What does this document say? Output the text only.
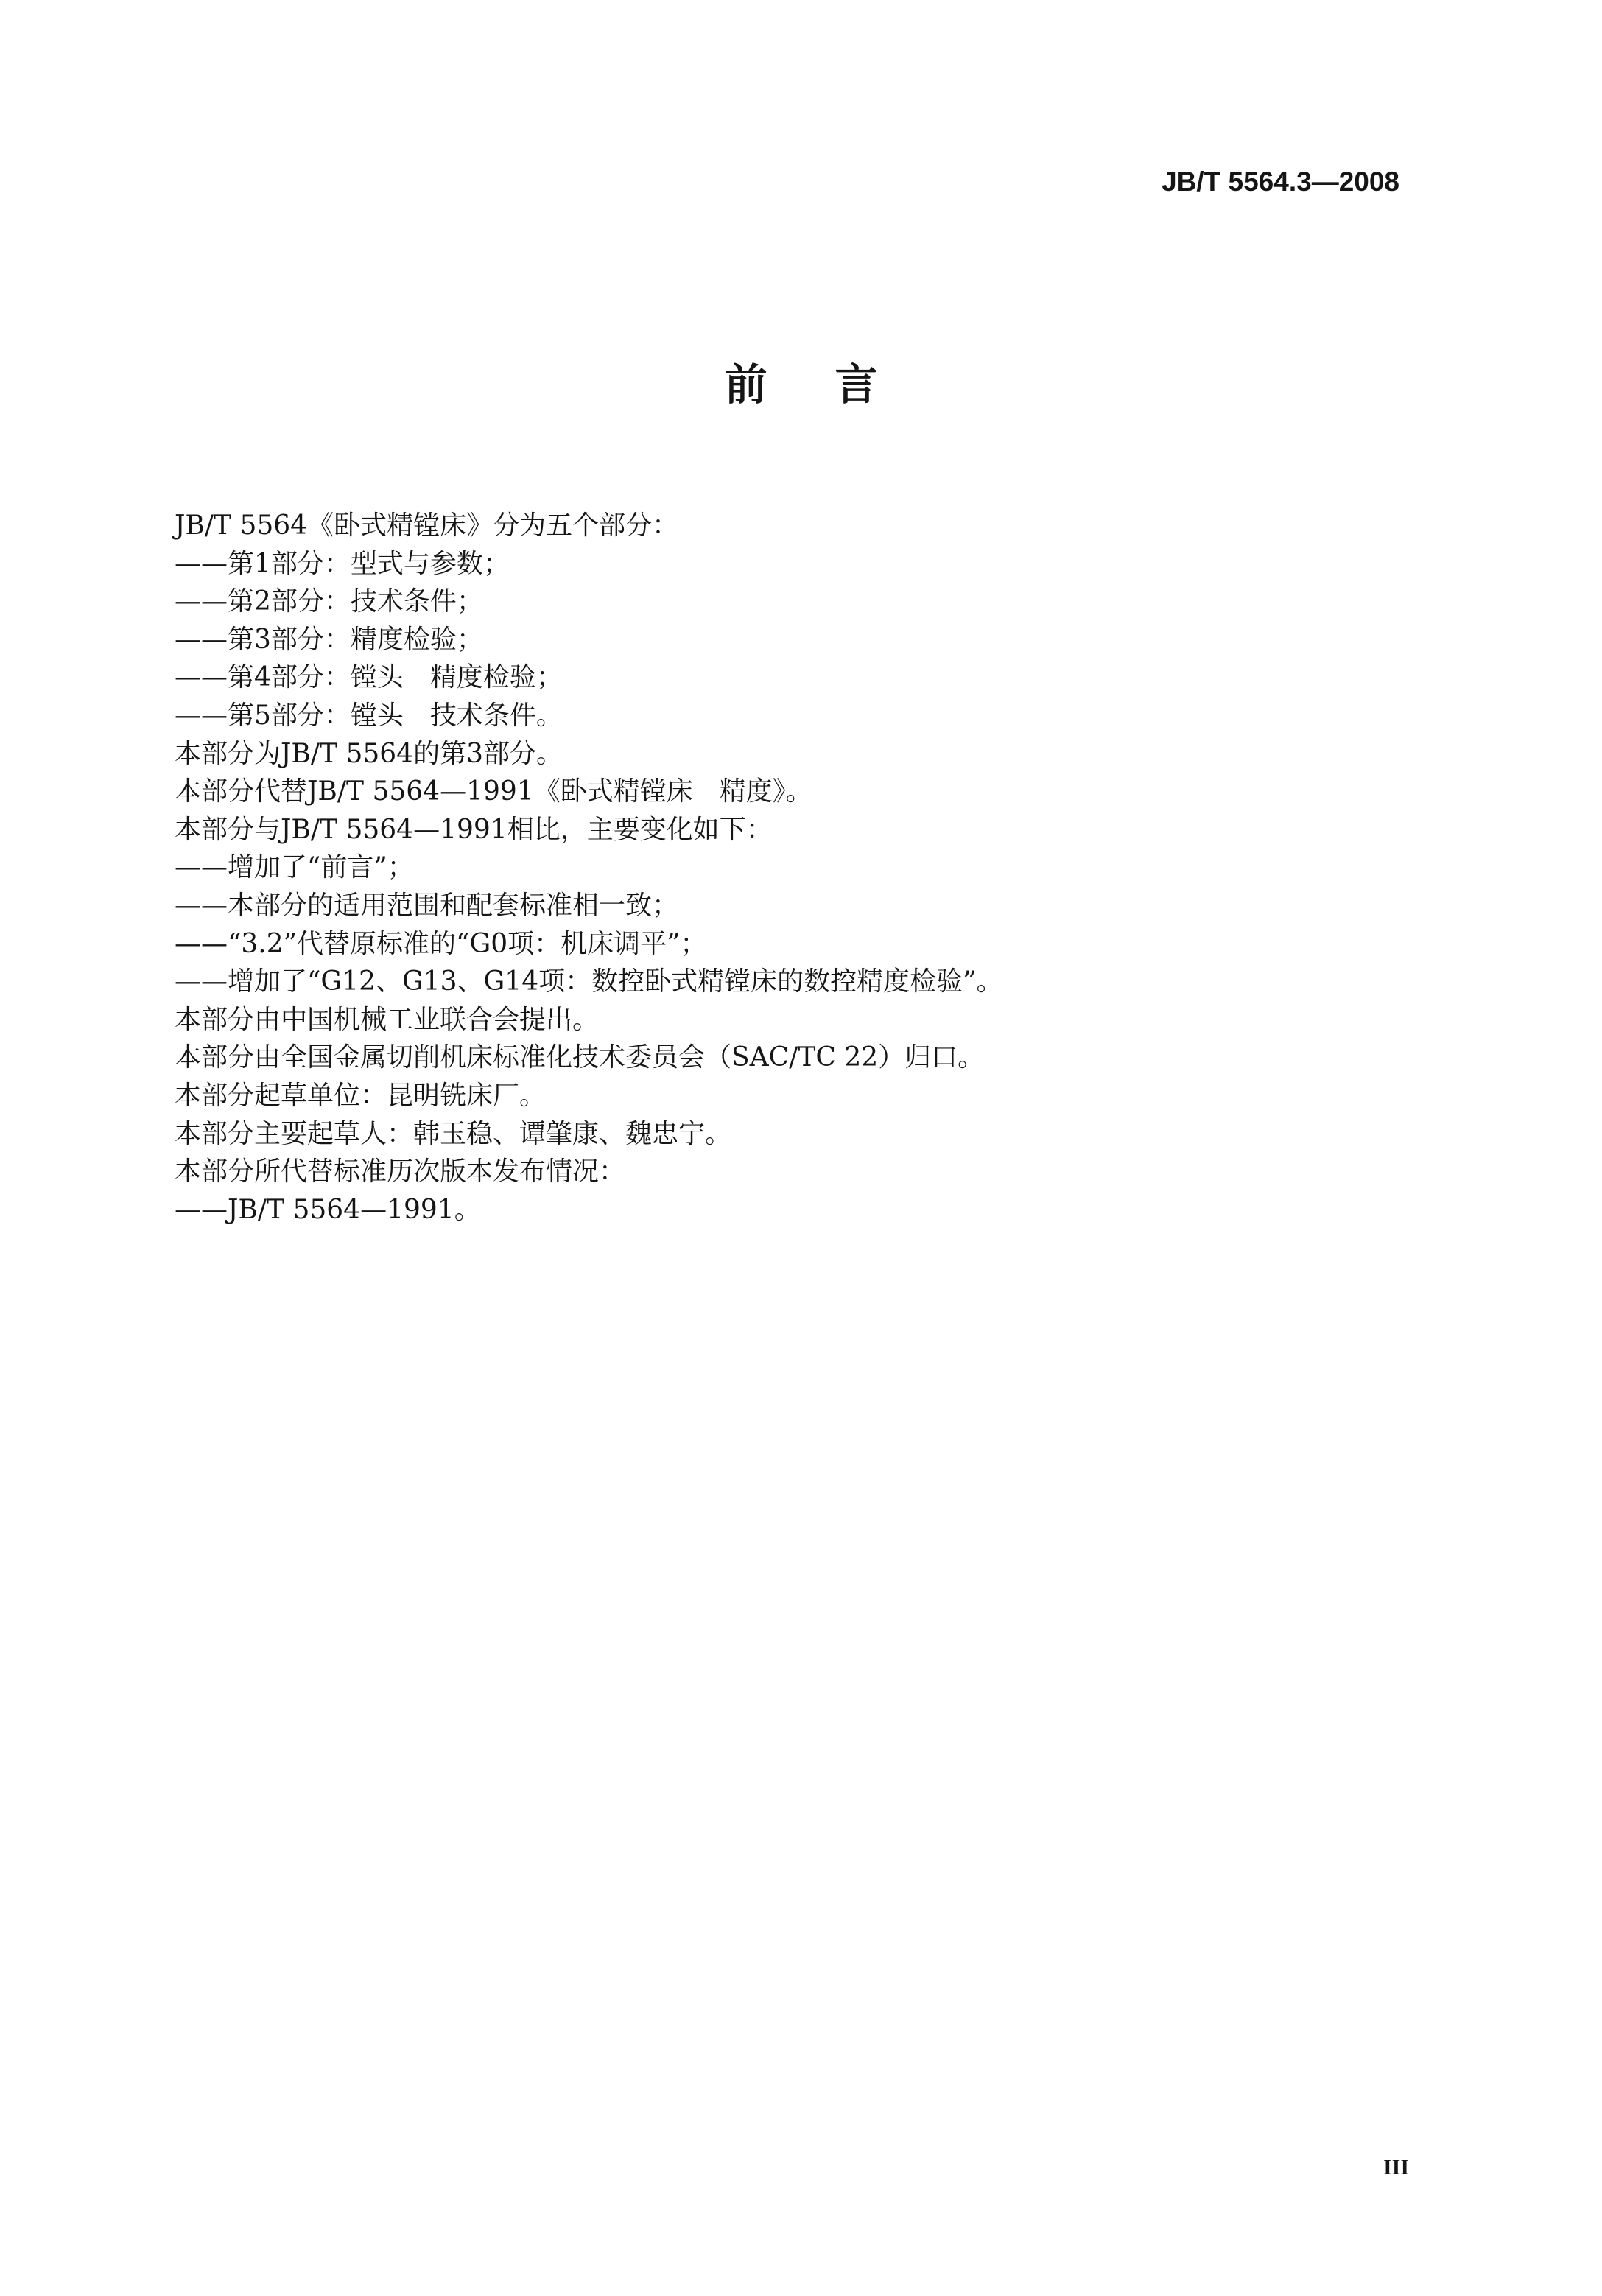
JB/T 5564.3—2008
前 言
JB/T 5564《卧式精镗床》分为五个部分：
——第1部分：型式与参数；
——第2部分：技术条件；
——第3部分：精度检验；
——第4部分：镗头　精度检验；
——第5部分：镗头　技术条件。
本部分为JB/T 5564的第3部分。
本部分代替JB/T 5564—1991《卧式精镗床　精度》。
本部分与JB/T 5564—1991相比，主要变化如下：
——增加了“前言”；
——本部分的适用范围和配套标准相一致；
——“3.2”代替原标准的“G0项：机床调平”；
——增加了“G12、G13、G14项：数控卧式精镗床的数控精度检验”。
本部分由中国机械工业联合会提出。
本部分由全国金属切削机床标准化技术委员会（SAC/TC 22）归口。
本部分起草单位：昆明铣床厂。
本部分主要起草人：韩玉稳、谭肇康、魏忠宁。
本部分所代替标准历次版本发布情况：
——JB/T 5564—1991。
III
